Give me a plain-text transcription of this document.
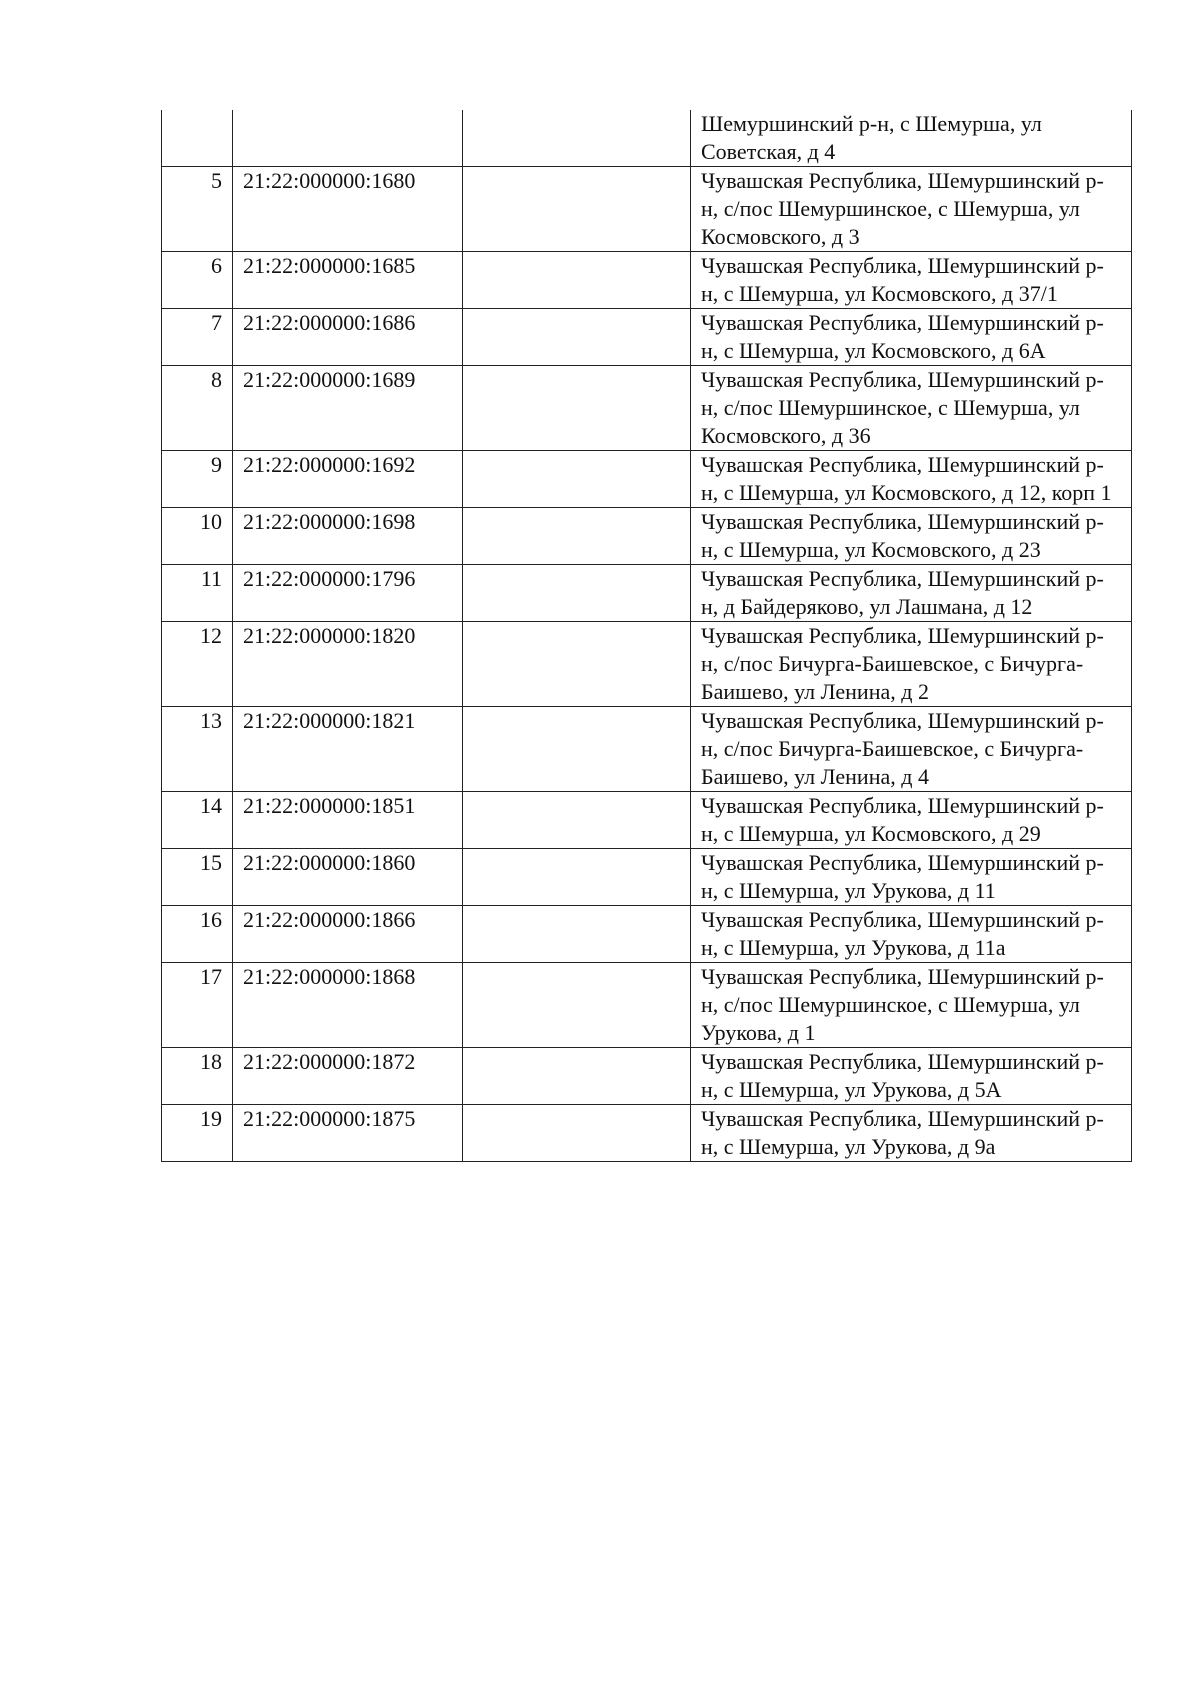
			Шемуршинский р-н, с Шемурша, ул Советская, д 4
5	21:22:000000:1680		Чувашская Республика, Шемуршинский р-н, с/пос Шемуршинское, с Шемурша, ул Космовского, д 3
6	21:22:000000:1685		Чувашская Республика, Шемуршинский р-н, с Шемурша, ул Космовского, д 37/1
7	21:22:000000:1686		Чувашская Республика, Шемуршинский р-н, с Шемурша, ул Космовского, д 6А
8	21:22:000000:1689		Чувашская Республика, Шемуршинский р-н, с/пос Шемуршинское, с Шемурша, ул Космовского, д 36
9	21:22:000000:1692		Чувашская Республика, Шемуршинский р-н, с Шемурша, ул Космовского, д 12, корп 1
10	21:22:000000:1698		Чувашская Республика, Шемуршинский р-н, с Шемурша, ул Космовского, д 23
11	21:22:000000:1796		Чувашская Республика, Шемуршинский р-н, д Байдеряково, ул Лашмана, д 12
12	21:22:000000:1820		Чувашская Республика, Шемуршинский р-н, с/пос Бичурга-Баишевское, с Бичурга-Баишево, ул Ленина, д 2
13	21:22:000000:1821		Чувашская Республика, Шемуршинский р-н, с/пос Бичурга-Баишевское, с Бичурга-Баишево, ул Ленина, д 4
14	21:22:000000:1851		Чувашская Республика, Шемуршинский р-н, с Шемурша, ул Космовского, д 29
15	21:22:000000:1860		Чувашская Республика, Шемуршинский р-н, с Шемурша, ул Урукова, д 11
16	21:22:000000:1866		Чувашская Республика, Шемуршинский р-н, с Шемурша, ул Урукова, д 11а
17	21:22:000000:1868		Чувашская Республика, Шемуршинский р-н, с/пос Шемуршинское, с Шемурша, ул Урукова, д 1
18	21:22:000000:1872		Чувашская Республика, Шемуршинский р-н, с Шемурша, ул Урукова, д 5А
19	21:22:000000:1875		Чувашская Республика, Шемуршинский р-н, с Шемурша, ул Урукова, д 9а
